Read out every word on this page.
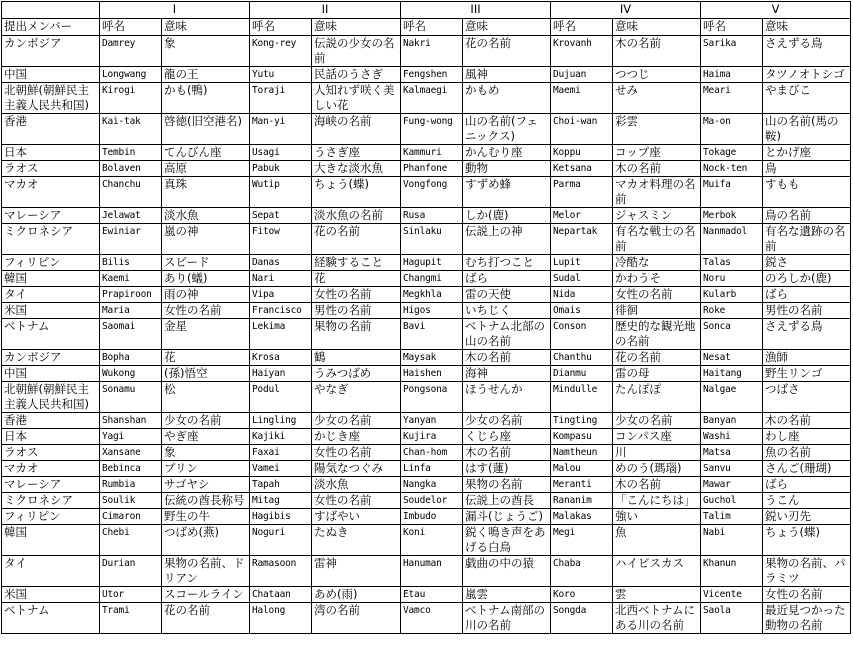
	I		II		III		IV		V	
提出メンバー	呼名	意味	呼名	意味	呼名	意味	呼名	意味	呼名	意味
カンボジア	Damrey	象	Kong-rey	伝説の少女の名前	Nakri	花の名前	Krovanh	木の名前	Sarika	さえずる鳥
中国	Longwang	龍の王	Yutu	民話のうさぎ	Fengshen	風神	Dujuan	つつじ	Haima	タツノオトシゴ
北朝鮮(朝鮮民主主義人民共和国)	Kirogi	かも(鴨)	Toraji	人知れず咲く美しい花	Kalmaegi	かもめ	Maemi	せみ	Meari	やまびこ
香港	Kai-tak	啓徳(旧空港名)	Man-yi	海峡の名前	Fung-wong	山の名前(フェニックス)	Choi-wan	彩雲	Ma-on	山の名前(馬の鞍)
日本	Tembin	てんびん座	Usagi	うさぎ座	Kammuri	かんむり座	Koppu	コップ座	Tokage	とかげ座
ラオス	Bolaven	高原	Pabuk	大きな淡水魚	Phanfone	動物	Ketsana	木の名前	Nock-ten	鳥
マカオ	Chanchu	真珠	Wutip	ちょう(蝶)	Vongfong	すずめ蜂	Parma	マカオ料理の名前	Muifa	すもも
マレーシア	Jelawat	淡水魚	Sepat	淡水魚の名前	Rusa	しか(鹿)	Melor	ジャスミン	Merbok	鳥の名前
ミクロネシア	Ewiniar	嵐の神	Fitow	花の名前	Sinlaku	伝説上の神	Nepartak	有名な戦士の名前	Nanmadol	有名な遺跡の名前
フィリピン	Bilis	スピード	Danas	経験すること	Hagupit	むち打つこと	Lupit	冷酷な	Talas	鋭さ
韓国	Kaemi	あり(蟻)	Nari	花	Changmi	ばら	Sudal	かわうそ	Noru	のろしか(鹿)
タイ	Prapiroon	雨の神	Vipa	女性の名前	Megkhla	雷の天使	Nida	女性の名前	Kularb	ばら
米国	Maria	女性の名前	Francisco	男性の名前	Higos	いちじく	Omais	徘徊	Roke	男性の名前
ベトナム	Saomai	金星	Lekima	果物の名前	Bavi	ベトナム北部の山の名前	Conson	歴史的な観光地の名前	Sonca	さえずる鳥
カンボジア	Bopha	花	Krosa	鶴	Maysak	木の名前	Chanthu	花の名前	Nesat	漁師
中国	Wukong	(孫)悟空	Haiyan	うみつばめ	Haishen	海神	Dianmu	雷の母	Haitang	野生リンゴ
北朝鮮(朝鮮民主主義人民共和国)	Sonamu	松	Podul	やなぎ	Pongsona	ほうせんか	Mindulle	たんぽぽ	Nalgae	つばさ
香港	Shanshan	少女の名前	Lingling	少女の名前	Yanyan	少女の名前	Tingting	少女の名前	Banyan	木の名前
日本	Yagi	やぎ座	Kajiki	かじき座	Kujira	くじら座	Kompasu	コンパス座	Washi	わし座
ラオス	Xansane	象	Faxai	女性の名前	Chan-hom	木の名前	Namtheun	川	Matsa	魚の名前
マカオ	Bebinca	プリン	Vamei	陽気なつぐみ	Linfa	はす(蓮)	Malou	めのう(瑪瑙)	Sanvu	さんご(珊瑚)
マレーシア	Rumbia	サゴヤシ	Tapah	淡水魚	Nangka	果物の名前	Meranti	木の名前	Mawar	ばら
ミクロネシア	Soulik	伝統の酋長称号	Mitag	女性の名前	Soudelor	伝説上の酋長	Rananim	「こんにちは」	Guchol	うこん
フィリピン	Cimaron	野生の牛	Hagibis	すばやい	Imbudo	漏斗(じょうご)	Malakas	強い	Talim	鋭い刃先
韓国	Chebi	つばめ(燕)	Noguri	たぬき	Koni	鋭く鳴き声をあげる白鳥	Megi	魚	Nabi	ちょう(蝶)
タイ	Durian	果物の名前、ドリアン	Ramasoon	雷神	Hanuman	戯曲の中の猿	Chaba	ハイビスカス	Khanun	果物の名前、パラミツ
米国	Utor	スコールライン	Chataan	あめ(雨)	Etau	嵐雲	Koro	雲	Vicente	女性の名前
ベトナム	Trami	花の名前	Halong	湾の名前	Vamco	ベトナム南部の川の名前	Songda	北西ベトナムにある川の名前	Saola	最近見つかった動物の名前
